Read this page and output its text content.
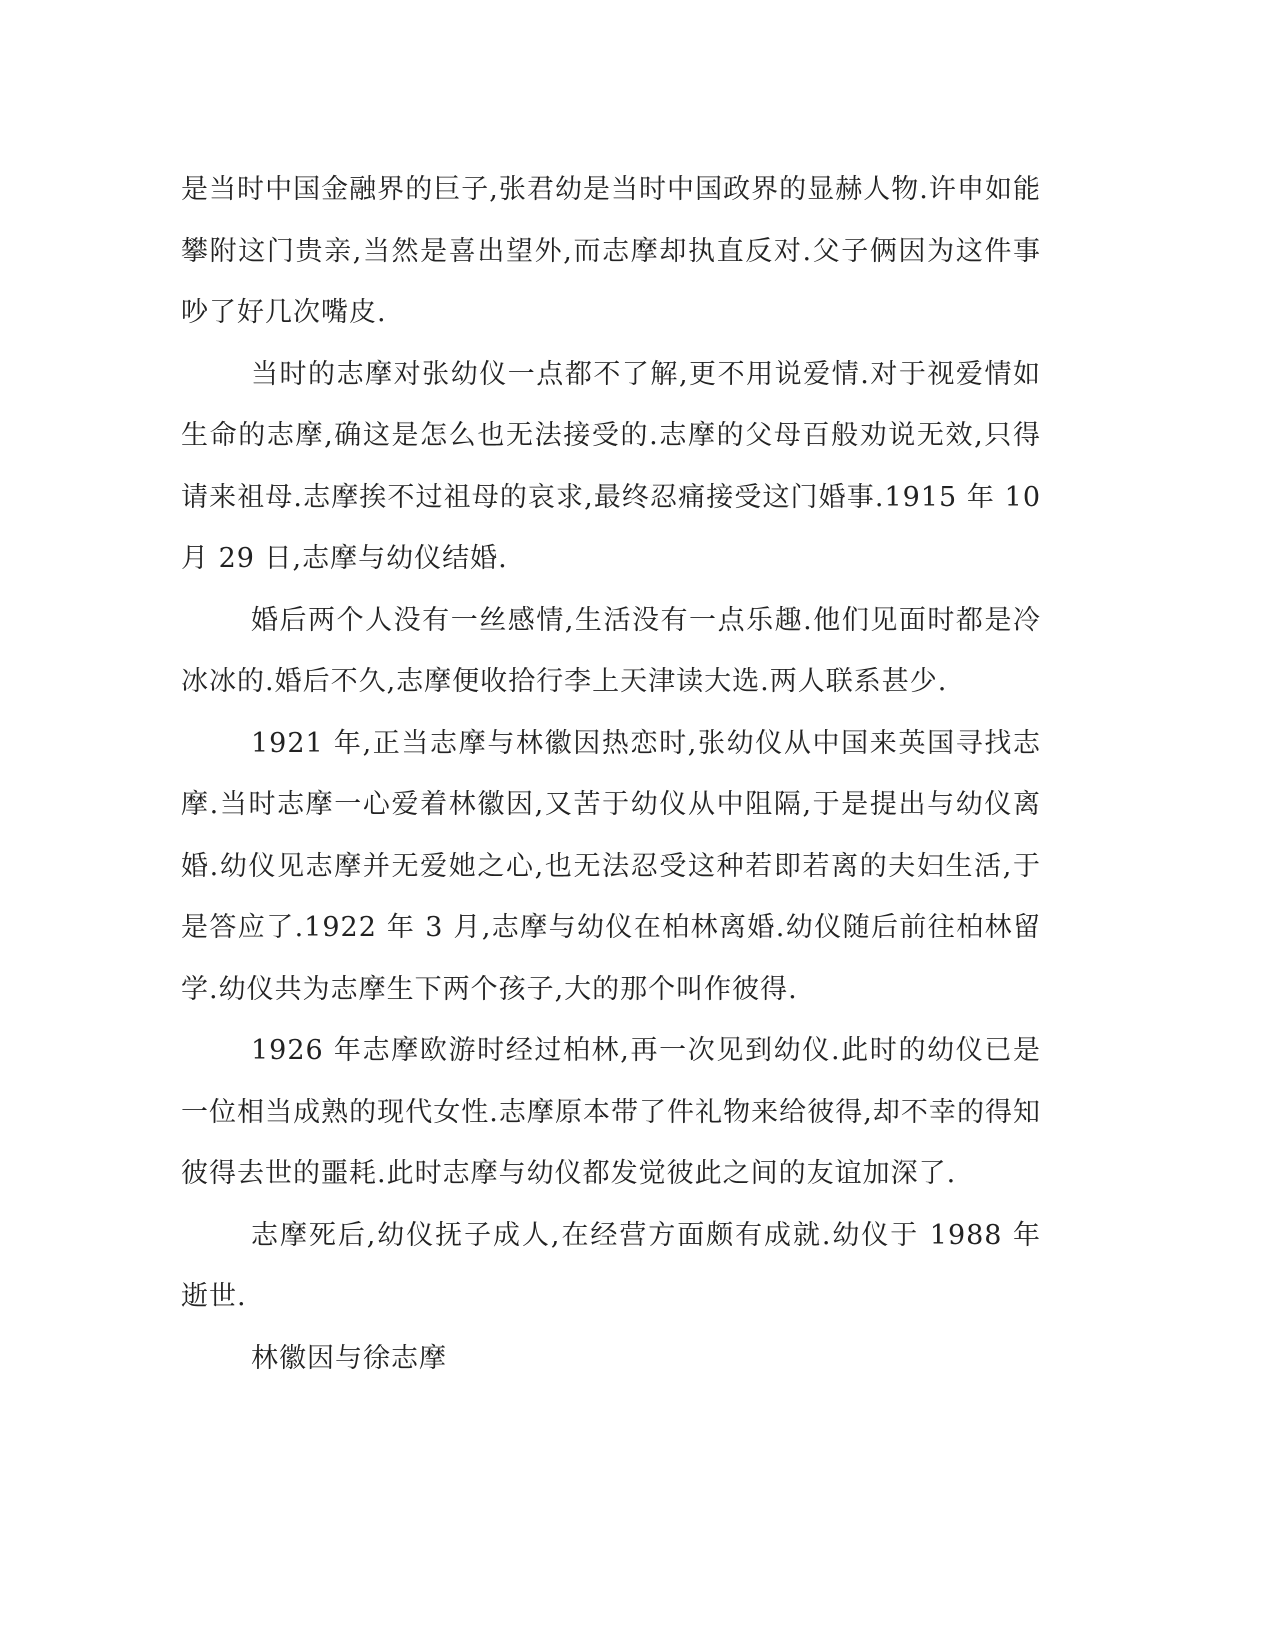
是当时中国金融界的巨子,张君幼是当时中国政界的显赫人物.许申如能攀附这门贵亲,当然是喜出望外,而志摩却执直反对.父子俩因为这件事吵了好几次嘴皮.

当时的志摩对张幼仪一点都不了解,更不用说爱情.对于视爱情如生命的志摩,确这是怎么也无法接受的.志摩的父母百般劝说无效,只得请来祖母.志摩挨不过祖母的哀求,最终忍痛接受这门婚事.1915 年 10 月 29 日,志摩与幼仪结婚.

婚后两个人没有一丝感情,生活没有一点乐趣.他们见面时都是冷冰冰的.婚后不久,志摩便收拾行李上天津读大选.两人联系甚少.

1921 年,正当志摩与林徽因热恋时,张幼仪从中国来英国寻找志摩.当时志摩一心爱着林徽因,又苦于幼仪从中阻隔,于是提出与幼仪离婚.幼仪见志摩并无爱她之心,也无法忍受这种若即若离的夫妇生活,于是答应了.1922 年 3 月,志摩与幼仪在柏林离婚.幼仪随后前往柏林留学.幼仪共为志摩生下两个孩子,大的那个叫作彼得.

1926 年志摩欧游时经过柏林,再一次见到幼仪.此时的幼仪已是一位相当成熟的现代女性.志摩原本带了件礼物来给彼得,却不幸的得知彼得去世的噩耗.此时志摩与幼仪都发觉彼此之间的友谊加深了.

志摩死后,幼仪抚子成人,在经营方面颇有成就.幼仪于 1988 年逝世.

林徽因与徐志摩
